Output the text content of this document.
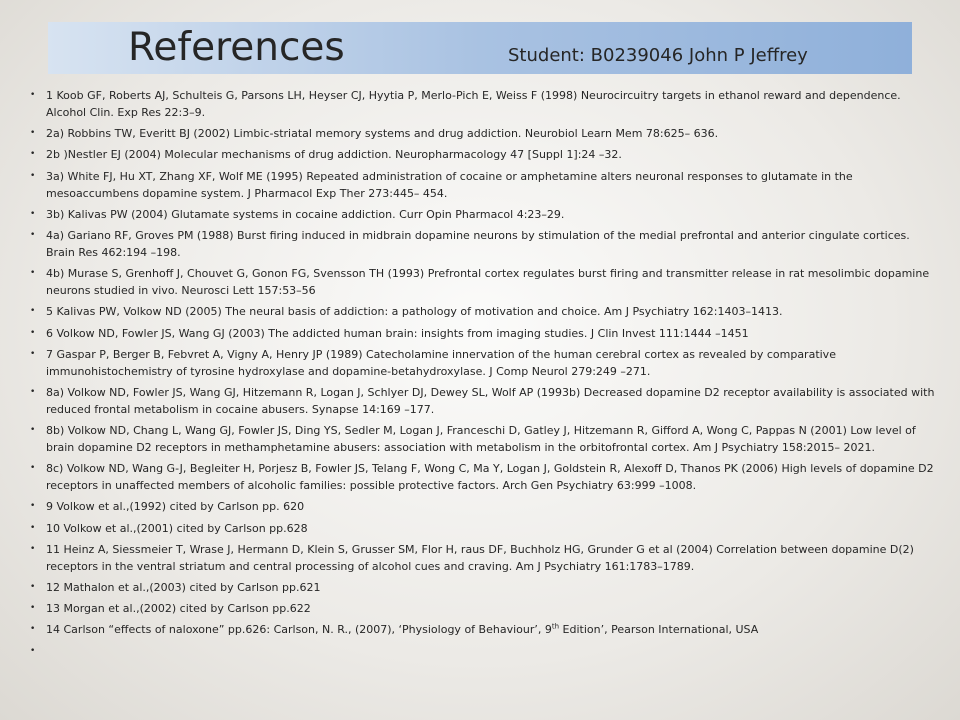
References	Student: B0239046 John P Jeffrey
• 1 Koob GF, Roberts AJ, Schulteis G, Parsons LH, Heyser CJ, Hyytia P, Merlo-Pich E, Weiss F (1998) Neurocircuitry targets in ethanol reward and dependence. Alcohol Clin. Exp Res 22:3–9.
• 2a) Robbins TW, Everitt BJ (2002) Limbic-striatal memory systems and drug addiction. Neurobiol Learn Mem 78:625– 636.
• 2b )Nestler EJ (2004) Molecular mechanisms of drug addiction. Neuropharmacology 47 [Suppl 1]:24 –32.
• 3a) White FJ, Hu XT, Zhang XF, Wolf ME (1995) Repeated administration of cocaine or amphetamine alters neuronal responses to glutamate in the mesoaccumbens dopamine system. J Pharmacol Exp Ther 273:445– 454.
• 3b) Kalivas PW (2004) Glutamate systems in cocaine addiction. Curr Opin Pharmacol 4:23–29.
• 4a) Gariano RF, Groves PM (1988) Burst firing induced in midbrain dopamine neurons by stimulation of the medial prefrontal and anterior cingulate cortices. Brain Res 462:194 –198.
• 4b) Murase S, Grenhoff J, Chouvet G, Gonon FG, Svensson TH (1993) Prefrontal cortex regulates burst firing and transmitter release in rat mesolimbic dopamine neurons studied in vivo. Neurosci Lett 157:53–56
• 5 Kalivas PW, Volkow ND (2005) The neural basis of addiction: a pathology of motivation and choice. Am J Psychiatry 162:1403–1413.
• 6 Volkow ND, Fowler JS, Wang GJ (2003) The addicted human brain: insights from imaging studies. J Clin Invest 111:1444 –1451
• 7 Gaspar P, Berger B, Febvret A, Vigny A, Henry JP (1989) Catecholamine innervation of the human cerebral cortex as revealed by comparative immunohistochemistry of tyrosine hydroxylase and dopamine-betahydroxylase. J Comp Neurol 279:249 –271.
• 8a) Volkow ND, Fowler JS, Wang GJ, Hitzemann R, Logan J, Schlyer DJ, Dewey SL, Wolf AP (1993b) Decreased dopamine D2 receptor availability is associated with reduced frontal metabolism in cocaine abusers. Synapse 14:169 –177.
• 8b) Volkow ND, Chang L, Wang GJ, Fowler JS, Ding YS, Sedler M, Logan J, Franceschi D, Gatley J, Hitzemann R, Gifford A, Wong C, Pappas N (2001) Low level of brain dopamine D2 receptors in methamphetamine abusers: association with metabolism in the orbitofrontal cortex. Am J Psychiatry 158:2015– 2021.
• 8c) Volkow ND, Wang G-J, Begleiter H, Porjesz B, Fowler JS, Telang F, Wong C, Ma Y, Logan J, Goldstein R, Alexoff D, Thanos PK (2006) High levels of dopamine D2 receptors in unaffected members of alcoholic families: possible protective factors. Arch Gen Psychiatry 63:999 –1008.
• 9 Volkow et al.,(1992) cited by Carlson pp. 620
• 10 Volkow et al.,(2001) cited by Carlson pp.628
• 11 Heinz A, Siessmeier T, Wrase J, Hermann D, Klein S, Grusser SM, Flor H, raus DF, Buchholz HG, Grunder G et al (2004) Correlation between dopamine D(2) receptors in the ventral striatum and central processing of alcohol cues and craving. Am J Psychiatry 161:1783–1789.
• 12 Mathalon et al.,(2003) cited by Carlson pp.621
• 13 Morgan et al.,(2002) cited by Carlson pp.622
• 14 Carlson “effects of naloxone” pp.626: Carlson, N. R., (2007), ‘Physiology of Behaviour’, 9th Edition’, Pearson International, USA
•
